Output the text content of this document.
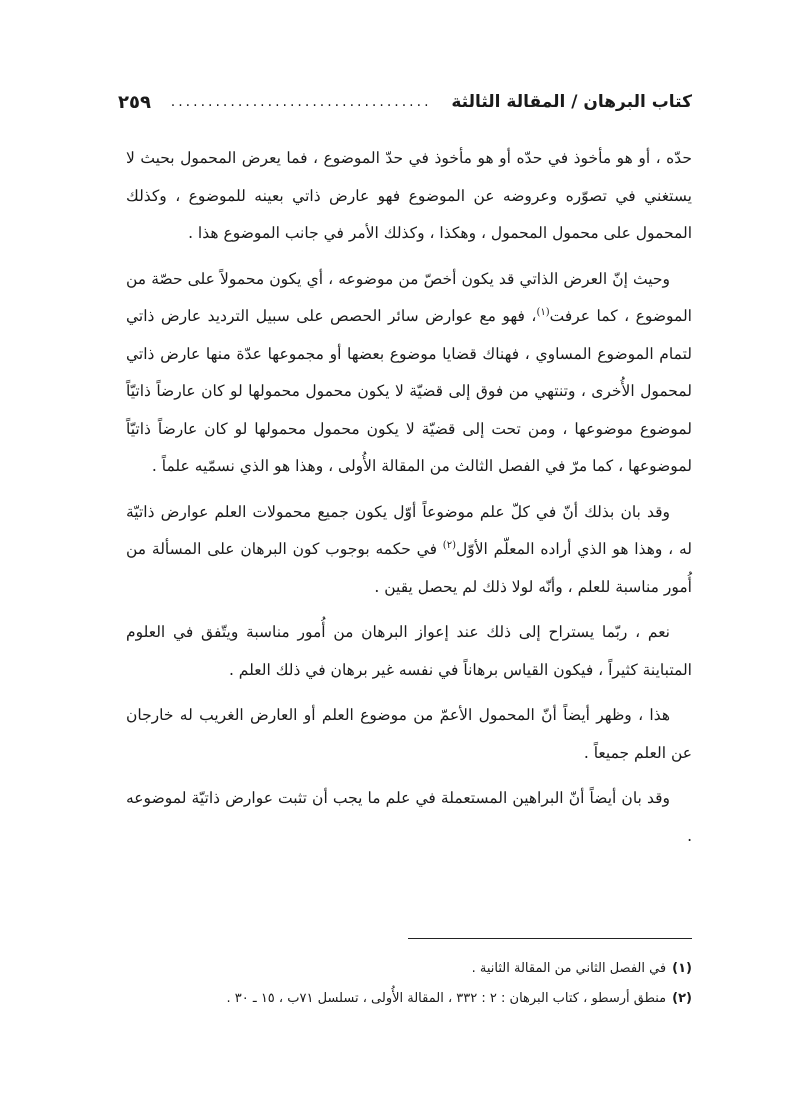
كتاب البرهان / المقالة الثالثة
...................................
٢٥٩

حدّه ، أو هو مأخوذ في حدّه أو هو مأخوذ في حدّ الموضوع ، فما يعرض المحمول بحيث لا يستغني في تصوّره وعروضه عن الموضوع فهو عارض ذاتي بعينه للموضوع ، وكذلك المحمول على محمول المحمول ، وهكذا ، وكذلك الأمر في جانب الموضوع هذا .

وحيث إنّ العرض الذاتي قد يكون أخصّ من موضوعه ، أي يكون محمولاً على حصّة من الموضوع ، كما عرفت$^{(١)}$، فهو مع عوارض سائر الحصص على سبيل الترديد عارض ذاتي لتمام الموضوع المساوي ، فهناك قضايا موضوع بعضها أو مجموعها عدّة منها عارض ذاتي لمحمول الأُخرى ، وتنتهي من فوق إلى قضيّة لا يكون محمول محمولها لو كان عارضاً ذاتيّاً لموضوع موضوعها ، ومن تحت إلى قضيّة لا يكون محمول محمولها لو كان عارضاً ذاتيّاً لموضوعها ، كما مرّ في الفصل الثالث من المقالة الأُولى ، وهذا هو الذي نسمّيه علماً .

وقد بان بذلك أنّ في كلّ علم موضوعاً أوّل يكون جميع محمولات العلم عوارض ذاتيّة له ، وهذا هو الذي أراده المعلّم الأوّل$^{(٢)}$ في حكمه بوجوب كون البرهان على المسألة من أُمور مناسبة للعلم ، وأنّه لولا ذلك لم يحصل يقين .

نعم ، ربّما يستراح إلى ذلك عند إعواز البرهان من أُمور مناسبة ويتّفق في العلوم المتباينة كثيراً ، فيكون القياس برهاناً في نفسه غير برهان في ذلك العلم .

هذا ، وظهر أيضاً أنّ المحمول الأعمّ من موضوع العلم أو العارض الغريب له خارجان عن العلم جميعاً .

وقد بان أيضاً أنّ البراهين المستعملة في علم ما يجب أن تثبت عوارض ذاتيّة لموضوعه .

(١)في الفصل الثاني من المقالة الثانية .
(٢)منطق أرسطو ، كتاب البرهان : ٢ : ٣٣٢ ، المقالة الأُولى ، تسلسل ٧١ب ، ١٥ ـ ٣٠ .
